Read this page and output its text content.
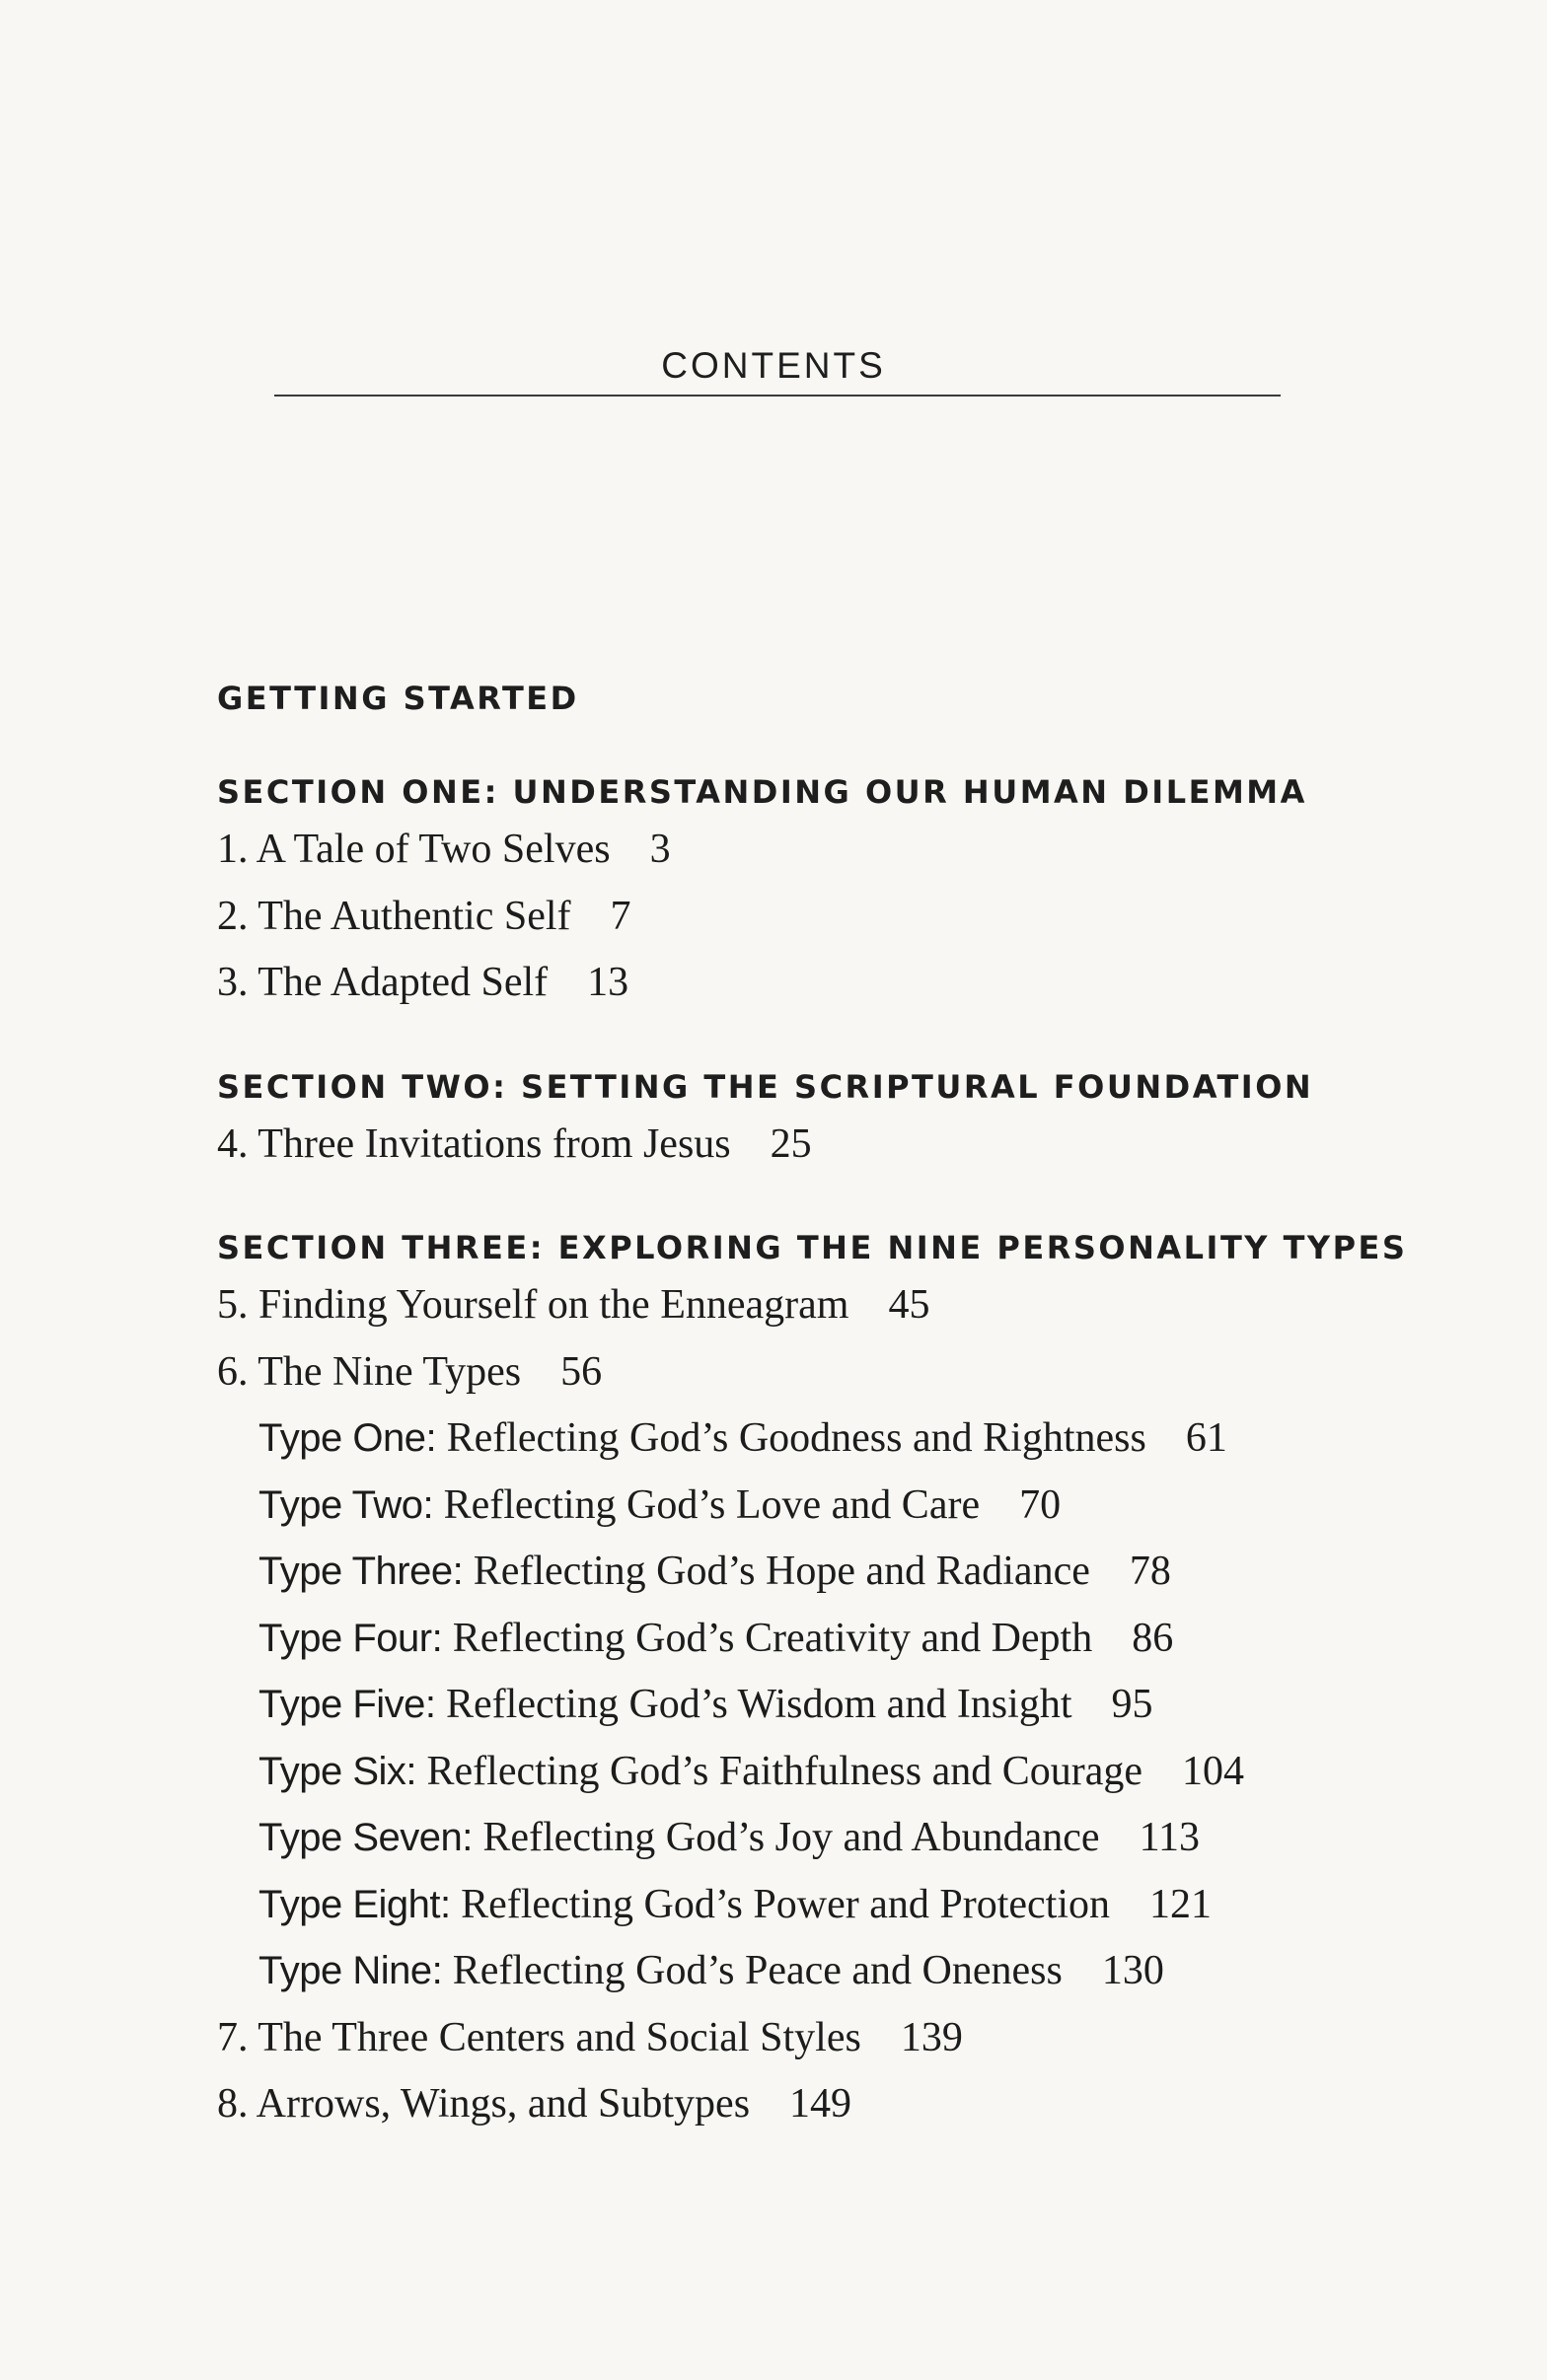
CONTENTS
GETTING STARTED
SECTION ONE: UNDERSTANDING OUR HUMAN DILEMMA
1. A Tale of Two Selves 3
2. The Authentic Self 7
3. The Adapted Self 13
SECTION TWO: SETTING THE SCRIPTURAL FOUNDATION
4. Three Invitations from Jesus 25
SECTION THREE: EXPLORING THE NINE PERSONALITY TYPES
5. Finding Yourself on the Enneagram 45
6. The Nine Types 56
Type One: Reflecting God’s Goodness and Rightness 61
Type Two: Reflecting God’s Love and Care 70
Type Three: Reflecting God’s Hope and Radiance 78
Type Four: Reflecting God’s Creativity and Depth 86
Type Five: Reflecting God’s Wisdom and Insight 95
Type Six: Reflecting God’s Faithfulness and Courage 104
Type Seven: Reflecting God’s Joy and Abundance 113
Type Eight: Reflecting God’s Power and Protection 121
Type Nine: Reflecting God’s Peace and Oneness 130
7. The Three Centers and Social Styles 139
8. Arrows, Wings, and Subtypes 149
